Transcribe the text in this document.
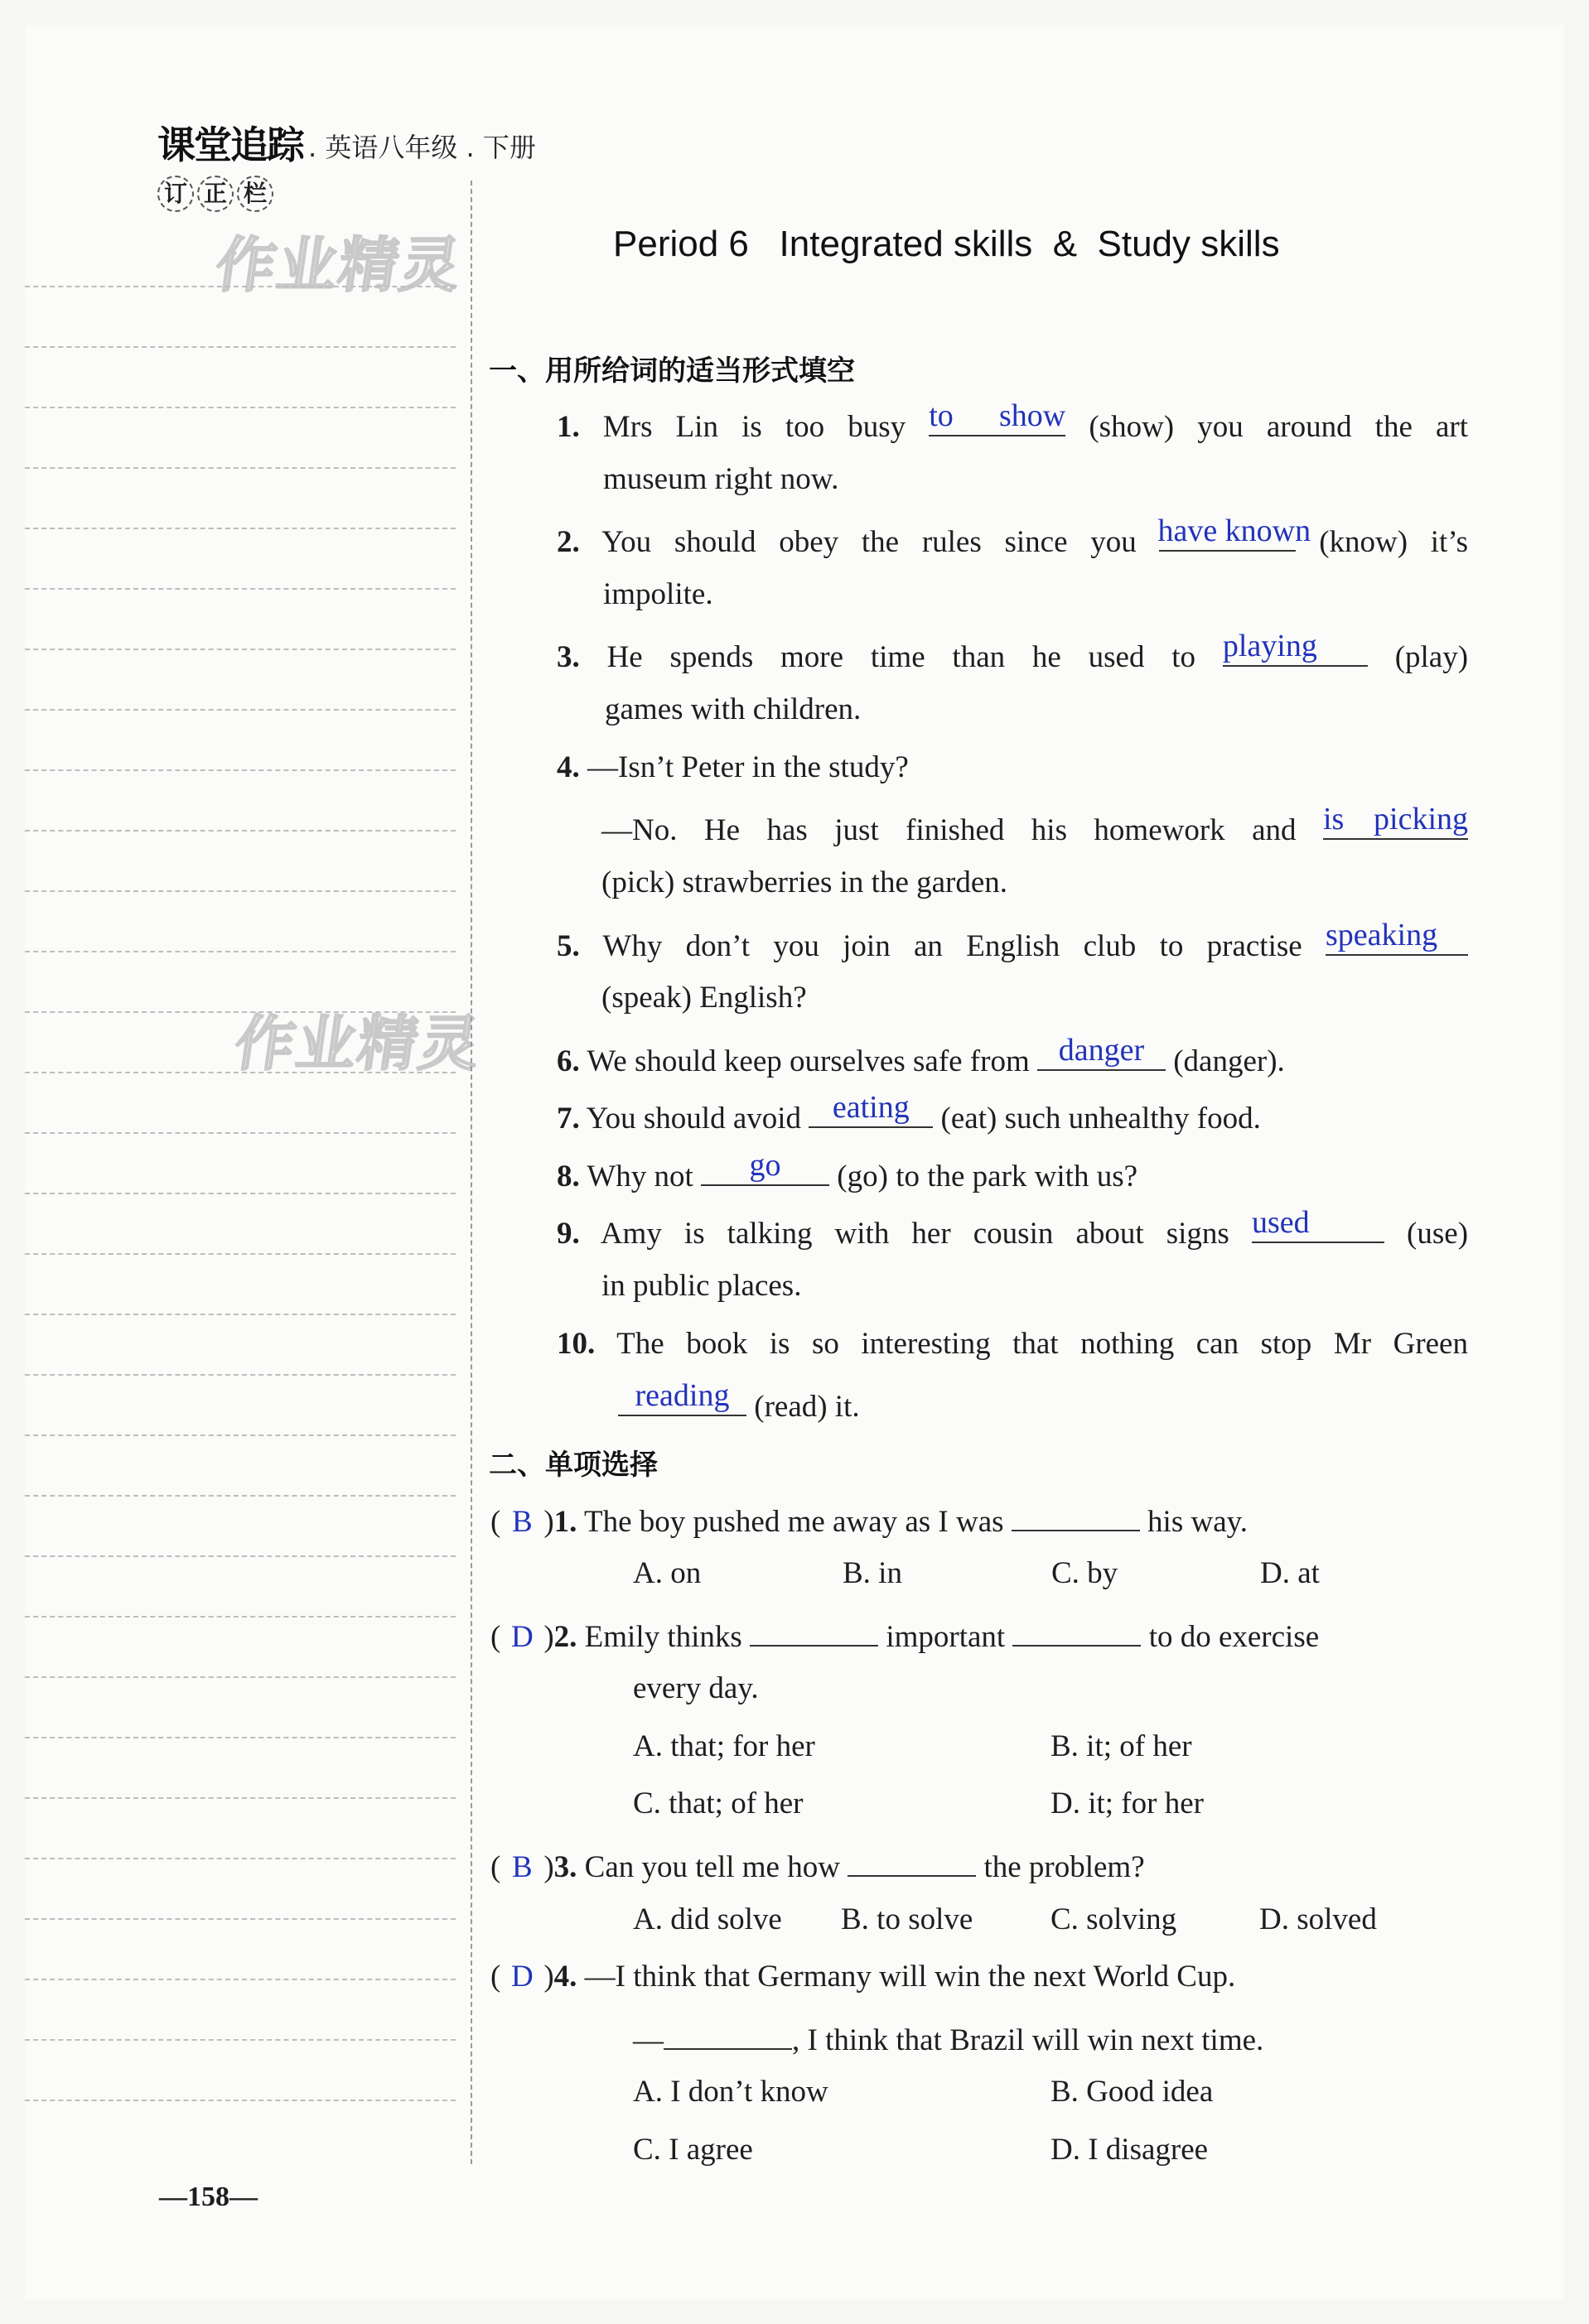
课堂追踪 . 英语八年级 . 下册
订 正 栏
作业精灵
作业精灵
Period 6   Integrated skills  &  Study skills
一、用所给词的适当形式填空
1. Mrs Lin is too busy to show (show) you around the art
museum right now.
2. You should obey the rules since you have known (know) it’s
impolite.
3. He spends more time than he used to playing	(play)
games with children.
4. —Isn’t Peter in the study?
—No. He has just finished his homework and is picking
(pick) strawberries in the garden.
5. Why don’t you join an English club to practise speaking
(speak) English?
6. We should keep ourselves safe from danger (danger).
7. You should avoid eating	(eat) such unhealthy food.
8. Why not	go	(go) to the park with us?
9. Amy is talking with her cousin about signs used	(use)
in public places.
10. The book is so interesting that nothing can stop Mr Green
reading (read) it.
二、单项选择
( B )1. The boy pushed me away as I was	his way.
A. on	B. in	C. by	D. at
( D )2. Emily thinks	important	to do exercise
every day.
A. that; for her	B. it; of her
C. that; of her	D. it; for her
( B )3. Can you tell me how	the problem?
A. did solve B. to solve	C. solving	D. solved
( D )4. —I think that Germany will win the next World Cup.
—	, I think that Brazil will win next time.
A. I don’t know	B. Good idea
C. I agree	D. I disagree
—158—
